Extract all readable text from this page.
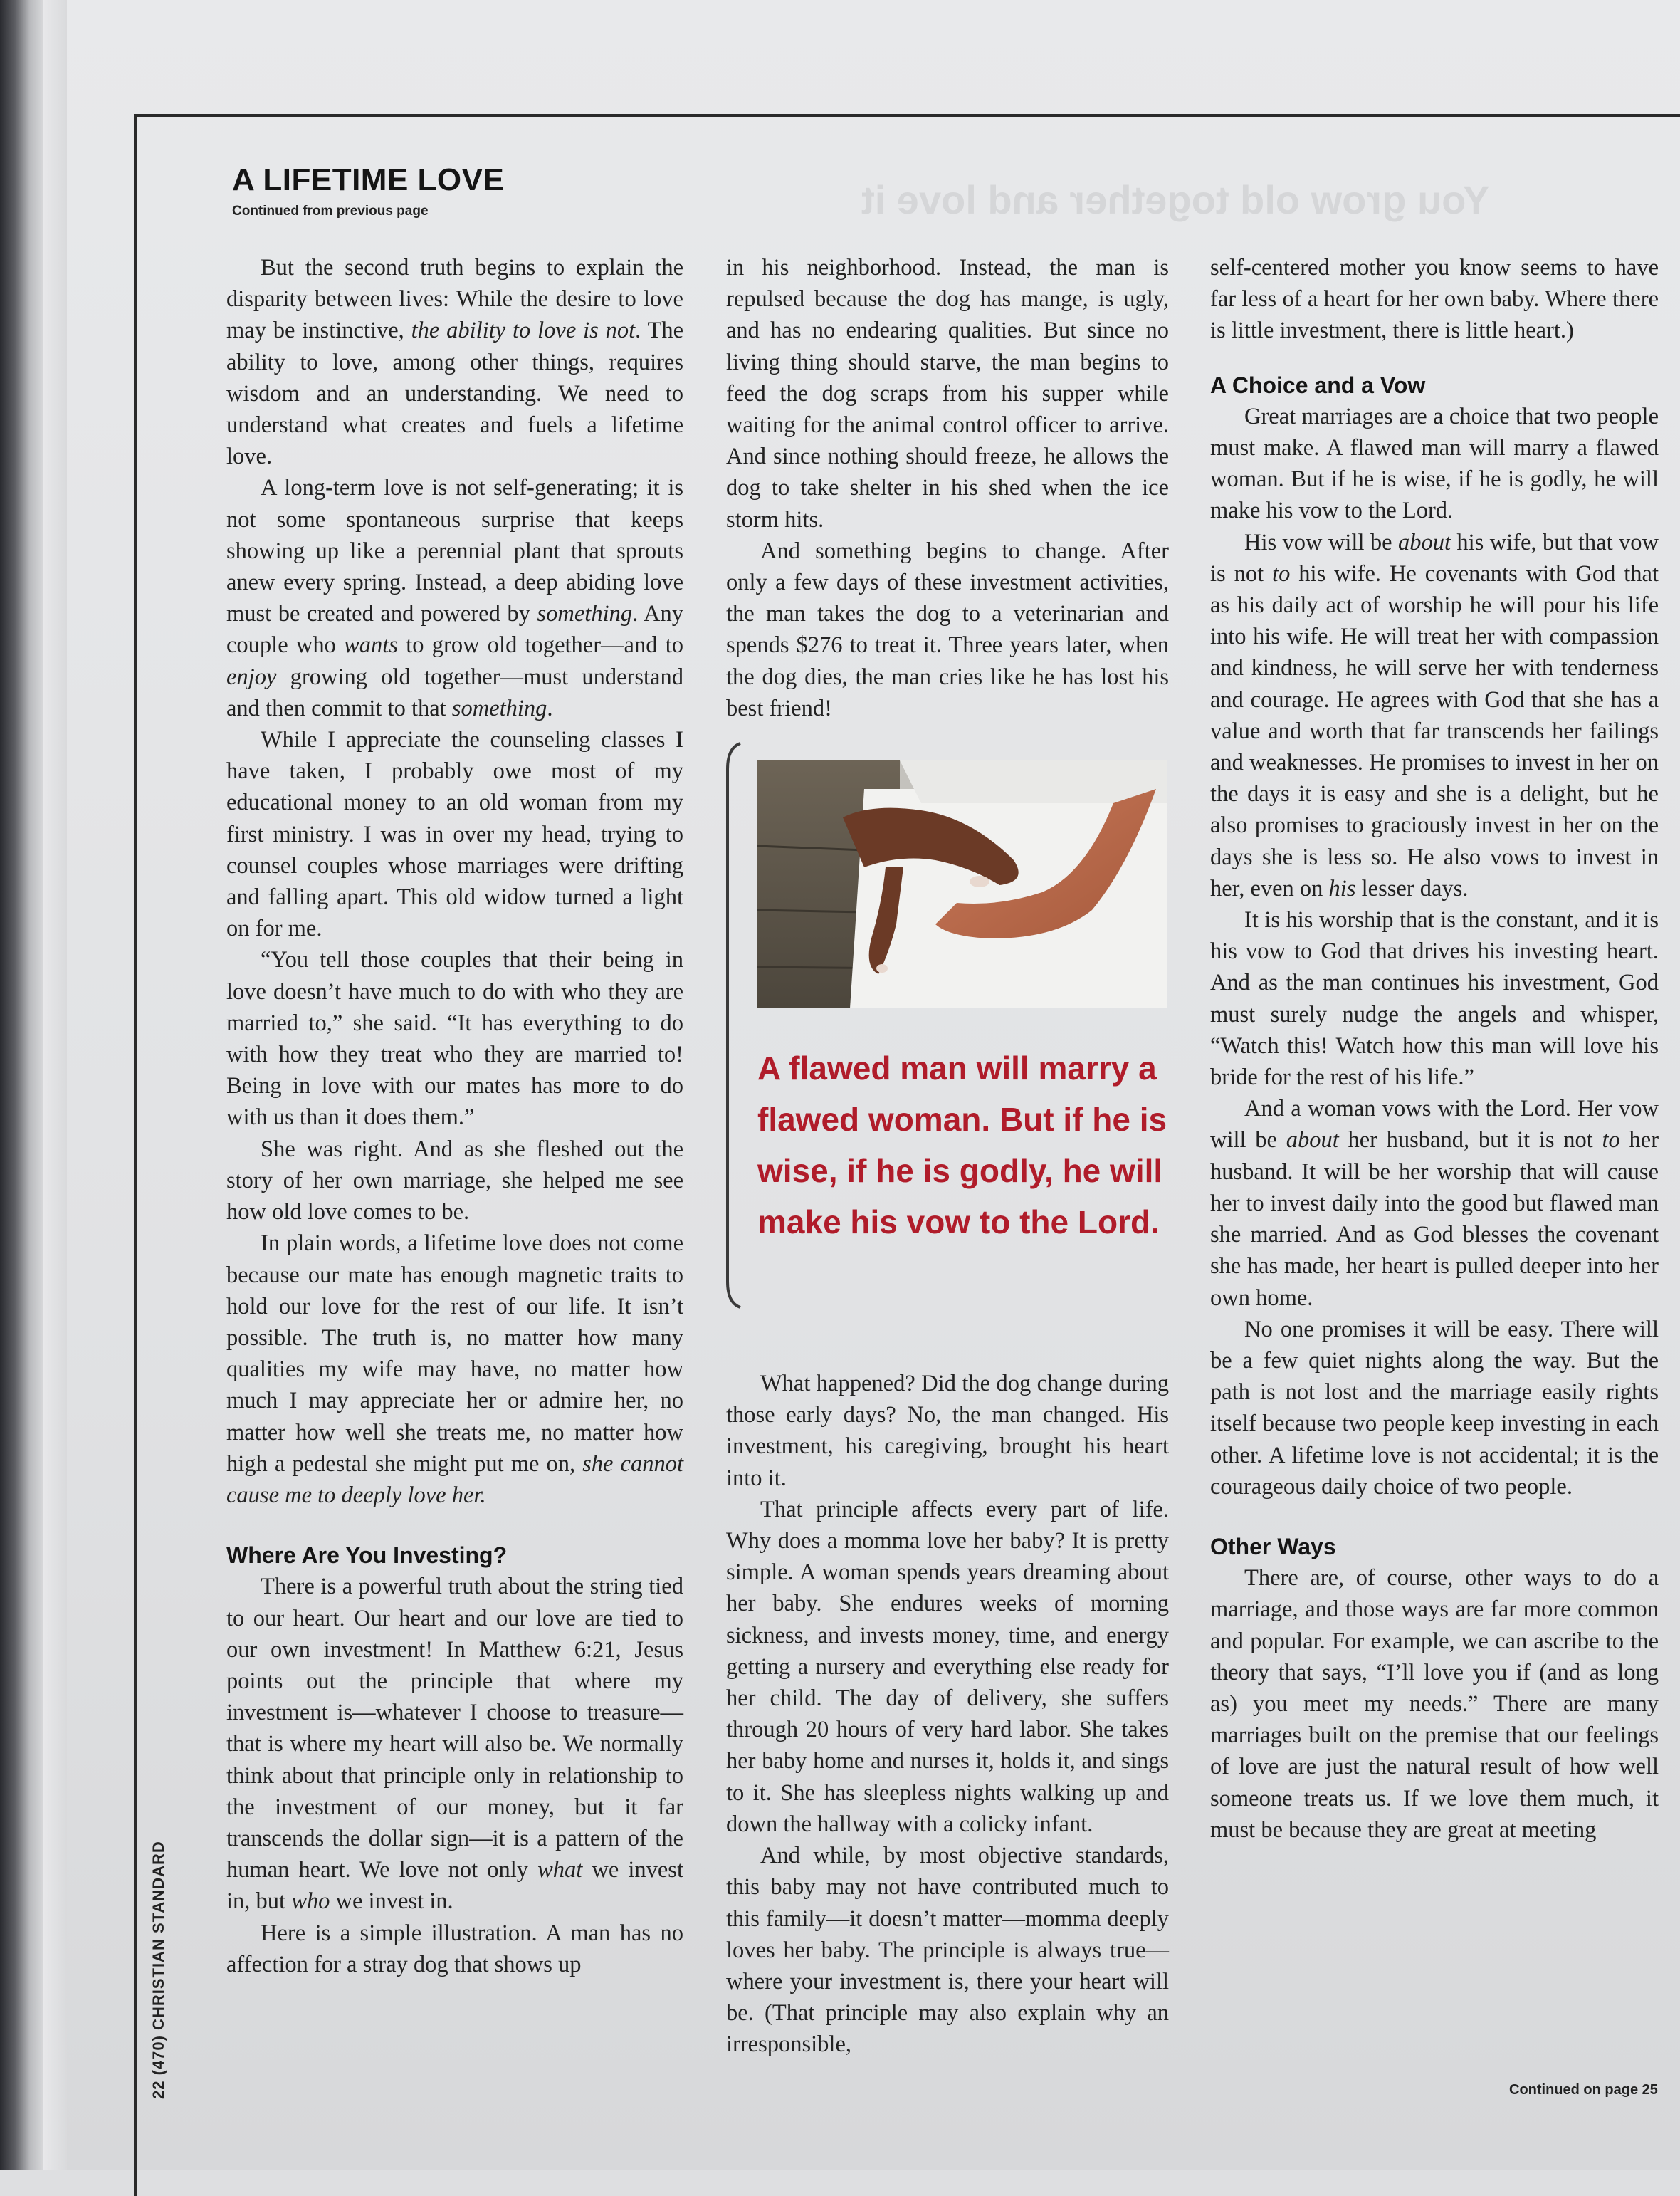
You grow old together and love it
A LIFETIME LOVE
Continued from previous page

But the second truth begins to explain the disparity between lives: While the desire to love may be instinctive, the ability to love is not. The ability to love, among other things, requires wisdom and an understanding. We need to understand what creates and fuels a lifetime love.

A long-term love is not self-generating; it is not some spontaneous surprise that keeps showing up like a perennial plant that sprouts anew every spring. Instead, a deep abiding love must be created and powered by something. Any couple who wants to grow old together—and to enjoy growing old together—must understand and then commit to that something.

While I appreciate the counseling classes I have taken, I probably owe most of my educational money to an old woman from my first ministry. I was in over my head, trying to counsel couples whose marriages were drifting and falling apart. This old widow turned a light on for me.

“You tell those couples that their being in love doesn’t have much to do with who they are married to,” she said. “It has everything to do with how they treat who they are married to! Being in love with our mates has more to do with us than it does them.”

She was right. And as she fleshed out the story of her own marriage, she helped me see how old love comes to be.

In plain words, a lifetime love does not come because our mate has enough magnetic traits to hold our love for the rest of our life. It isn’t possible. The truth is, no matter how many qualities my wife may have, no matter how much I may appreciate her or admire her, no matter how well she treats me, no matter how high a pedestal she might put me on, she cannot cause me to deeply love her.

Where Are You Investing?

There is a powerful truth about the string tied to our heart. Our heart and our love are tied to our own investment! In Matthew 6:21, Jesus points out the principle that where my investment is—whatever I choose to treasure—that is where my heart will also be. We normally think about that principle only in relationship to the investment of our money, but it far transcends the dollar sign—it is a pattern of the human heart. We love not only what we invest in, but who we invest in.

Here is a simple illustration. A man has no affection for a stray dog that shows up

in his neighborhood. Instead, the man is repulsed because the dog has mange, is ugly, and has no endearing qualities. But since no living thing should starve, the man begins to feed the dog scraps from his supper while waiting for the animal control officer to arrive. And since nothing should freeze, he allows the dog to take shelter in his shed when the ice storm hits.

And something begins to change. After only a few days of these investment activities, the man takes the dog to a veterinarian and spends $276 to treat it. Three years later, when the dog dies, the man cries like he has lost his best friend!

What happened? Did the dog change during those early days? No, the man changed. His investment, his caregiving, brought his heart into it.

That principle affects every part of life. Why does a momma love her baby? It is pretty simple. A woman spends years dreaming about her baby. She endures weeks of morning sickness, and invests money, time, and energy getting a nursery and everything else ready for her child. The day of delivery, she suffers through 20 hours of very hard labor. She takes her baby home and nurses it, holds it, and sings to it. She has sleepless nights walking up and down the hallway with a colicky infant.

And while, by most objective standards, this baby may not have contributed much to this family—it doesn’t matter—momma deeply loves her baby. The principle is always true—where your investment is, there your heart will be. (That principle may also explain why an irresponsible,

A flawed man will marry a flawed woman. But if he is wise, if he is godly, he will make his vow to the Lord.

self-centered mother you know seems to have far less of a heart for her own baby. Where there is little investment, there is little heart.)

A Choice and a Vow

Great marriages are a choice that two people must make. A flawed man will marry a flawed woman. But if he is wise, if he is godly, he will make his vow to the Lord.

His vow will be about his wife, but that vow is not to his wife. He covenants with God that as his daily act of worship he will pour his life into his wife. He will treat her with compassion and kindness, he will serve her with tenderness and courage. He agrees with God that she has a value and worth that far transcends her failings and weaknesses. He promises to invest in her on the days it is easy and she is a delight, but he also promises to graciously invest in her on the days she is less so. He also vows to invest in her, even on his lesser days.

It is his worship that is the constant, and it is his vow to God that drives his investing heart. And as the man continues his investment, God must surely nudge the angels and whisper, “Watch this! Watch how this man will love his bride for the rest of his life.”

And a woman vows with the Lord. Her vow will be about her husband, but it is not to her husband. It will be her worship that will cause her to invest daily into the good but flawed man she married. And as God blesses the covenant she has made, her heart is pulled deeper into her own home.

No one promises it will be easy. There will be a few quiet nights along the way. But the path is not lost and the marriage easily rights itself because two people keep investing in each other. A lifetime love is not accidental; it is the courageous daily choice of two people.

Other Ways

There are, of course, other ways to do a marriage, and those ways are far more common and popular. For example, we can ascribe to the theory that says, “I’ll love you if (and as long as) you meet my needs.” There are many marriages built on the premise that our feelings of love are just the natural result of how well someone treats us. If we love them much, it must be because they are great at meeting

22 (470) CHRISTIAN STANDARD	Continued on page 25
